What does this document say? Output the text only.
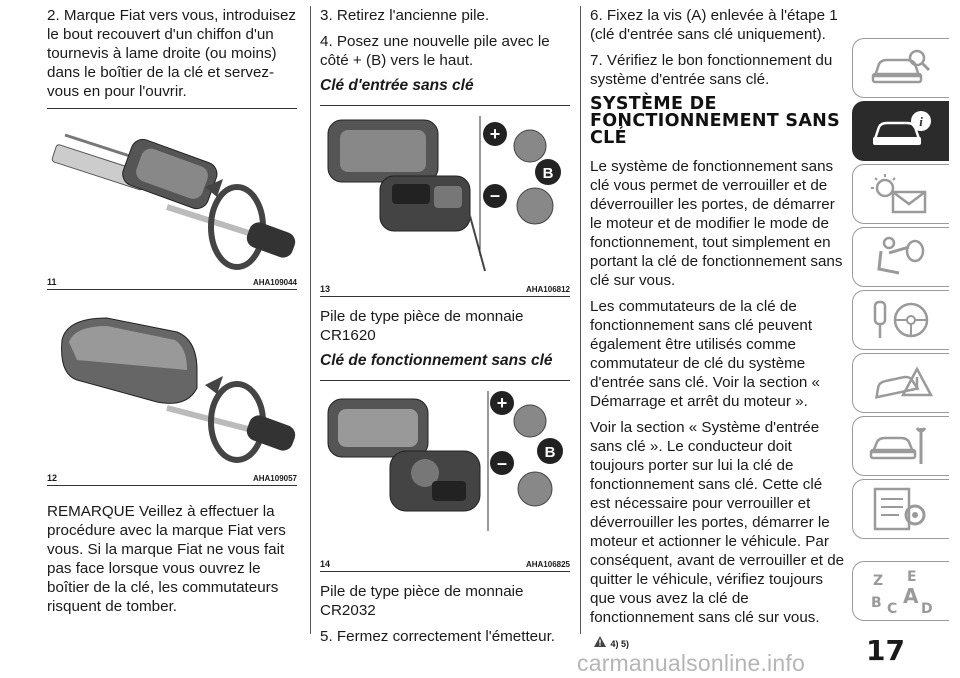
2. Marque Fiat vers vous, introduisez le bout recouvert d'un chiffon d'un tournevis à lame droite (ou moins) dans le boîtier de la clé et servez-vous en pour l'ouvrir.

11	AHA109044
12	AHA109057

REMARQUE Veillez à effectuer la procédure avec la marque Fiat vers vous. Si la marque Fiat ne vous fait pas face lorsque vous ouvrez le boîtier de la clé, les commutateurs risquent de tomber.

3. Retirez l'ancienne pile.

4. Posez une nouvelle pile avec le côté + (B) vers le haut.

Clé d'entrée sans clé
+
B
–
13	AHA106812

Pile de type pièce de monnaie CR1620

Clé de fonctionnement sans clé
+
B
–
14	AHA106825

Pile de type pièce de monnaie CR2032

5. Fermez correctement l'émetteur.

6. Fixez la vis (A) enlevée à l'étape 1 (clé d'entrée sans clé uniquement).

7. Vérifiez le bon fonctionnement du système d'entrée sans clé.

SYSTÈME DE FONCTIONNEMENT SANS CLÉ

Le système de fonctionnement sans clé vous permet de verrouiller et de déverrouiller les portes, de démarrer le moteur et de modifier le mode de fonctionnement, tout simplement en portant la clé de fonctionnement sans clé sur vous.

Les commutateurs de la clé de fonctionnement sans clé peuvent également être utilisés comme commutateur de clé du système d'entrée sans clé. Voir la section « Démarrage et arrêt du moteur ».

Voir la section « Système d'entrée sans clé ». Le conducteur doit toujours porter sur lui la clé de fonctionnement sans clé. Cette clé est nécessaire pour verrouiller et déverrouiller les portes, démarrer le moteur et actionner le véhicule. Par conséquent, avant de verrouiller et de quitter le véhicule, vérifiez toujours que vous avez la clé de fonctionnement sans clé sur vous.

4) 5)
i
Z E
B A
C D
17
carmanualsonline.info
